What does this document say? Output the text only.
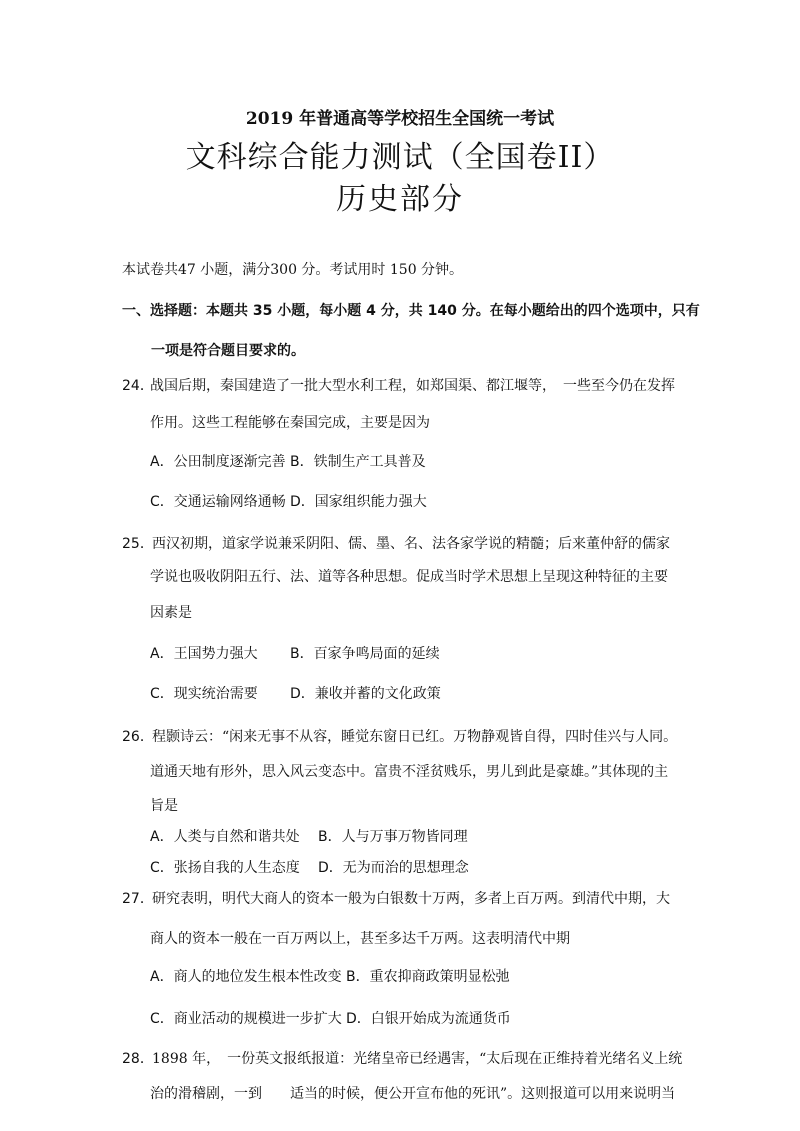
2019 年普通高等学校招生全国统一考试
文科综合能力测试（全国卷II）
历史部分
本试卷共47 小题，满分300 分。考试用时 150 分钟。
一、选择题：本题共 35 小题，每小题 4 分，共 140 分。在每小题给出的四个选项中，只有
一项是符合题目要求的。
24．
战国后期，秦国建造了一批大型水利工程，如郑国渠、都江堰等，　一些至今仍在发挥
作用。这些工程能够在秦国完成，主要是因为
A．公田制度逐渐完善 B．铁制生产工具普及
C．交通运输网络通畅 D．国家组织能力强大
25．
西汉初期，道家学说兼采阴阳、儒、墨、名、法各家学说的精髓；后来董仲舒的儒家
学说也吸收阴阳五行、法、道等各种思想。促成当时学术思想上呈现这种特征的主要
因素是
A．王国势力强大 B．百家争鸣局面的延续
C．现实统治需要 D．兼收并蓄的文化政策
26．
程颢诗云：“闲来无事不从容，睡觉东窗日已红。万物静观皆自得，四时佳兴与人同。
道通天地有形外，思入风云变态中。富贵不淫贫贱乐，男儿到此是豪雄。”其体现的主
旨是
A．人类与自然和谐共处 B．人与万事万物皆同理
C．张扬自我的人生态度 D．无为而治的思想理念
27．
研究表明，明代大商人的资本一般为白银数十万两，多者上百万两。到清代中期，大
商人的资本一般在一百万两以上，甚至多达千万两。这表明清代中期
A．商人的地位发生根本性改变 B．重农抑商政策明显松弛
C．商业活动的规模进一步扩大 D．白银开始成为流通货币
28．
1898 年，　一份英文报纸报道：光绪皇帝已经遇害，“太后现在正维持着光绪名义上统
治的滑稽剧，一到　　适当的时候，便公开宣布他的死讯”。这则报道可以用来说明当
